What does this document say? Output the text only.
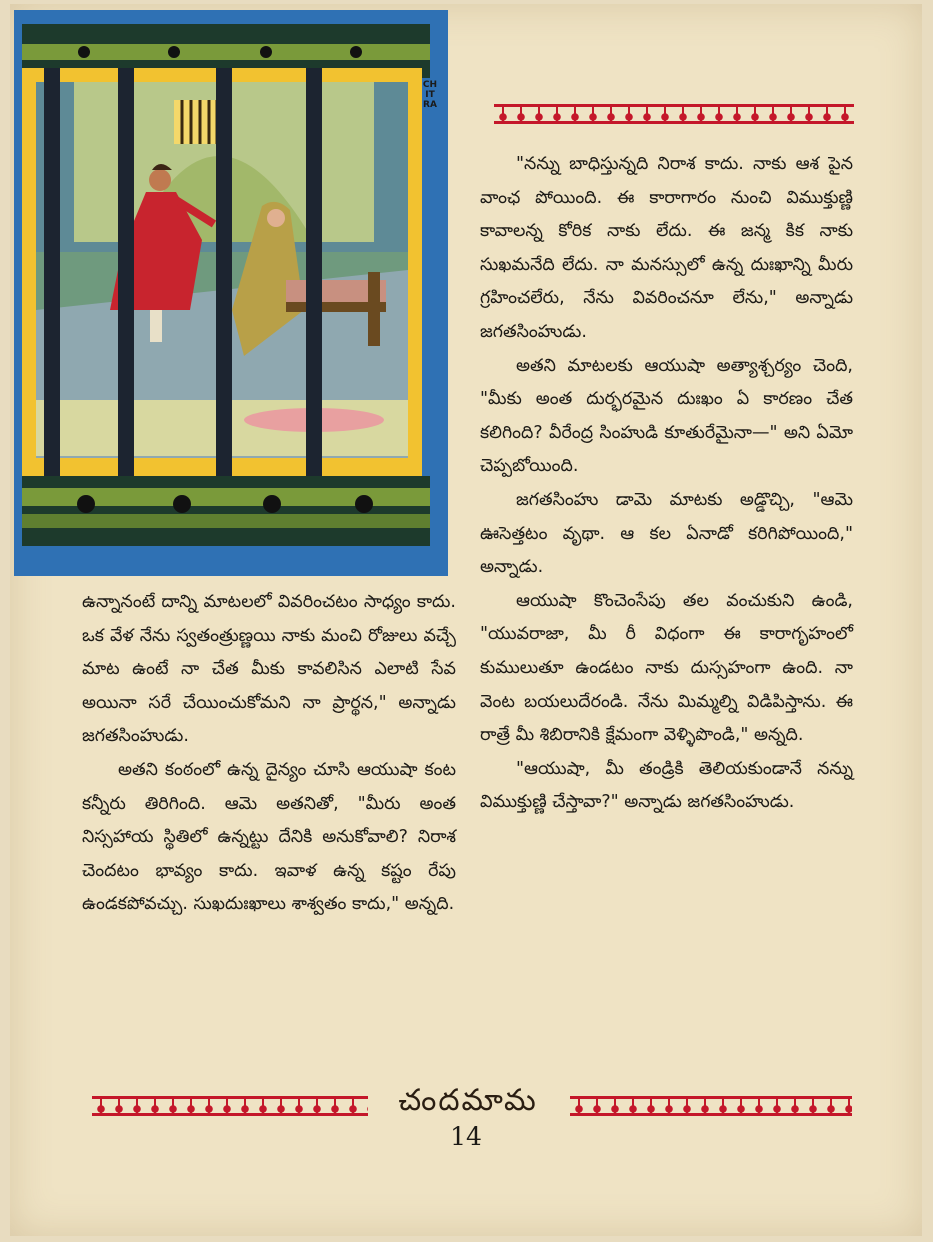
CHITRA

"నన్ను బాధిస్తున్నది నిరాశ కాదు. నాకు ఆశ పైన వాంఛ పోయింది. ఈ కారాగారం నుంచి విముక్తుణ్ణి కావాలన్న కోరిక నాకు లేదు. ఈ జన్మ కిక నాకు సుఖమనేది లేదు. నా మనస్సులో ఉన్న దుఃఖాన్ని మీరు గ్రహించలేరు, నేను వివరించనూ లేను," అన్నాడు జగతసింహుడు.

అతని మాటలకు ఆయుషా అత్యాశ్చర్యం చెంది, "మీకు అంత దుర్భరమైన దుఃఖం ఏ కారణం చేత కలిగింది? వీరేంద్ర సింహుడి కూతురేమైనా—" అని ఏమో చెప్పబోయింది.

జగతసింహు డామె మాటకు అడ్డొచ్చి, "ఆమె ఊసెత్తటం వృథా. ఆ కల ఏనాడో కరిగిపోయింది," అన్నాడు.

ఆయుషా కొంచెంసేపు తల వంచుకుని ఉండి, "యువరాజా, మీ రీ విధంగా ఈ కారాగృహంలో కుములుతూ ఉండటం నాకు దుస్సహంగా ఉంది. నా వెంట బయలుదేరండి. నేను మిమ్మల్ని విడిపిస్తాను. ఈ రాత్రే మీ శిబిరానికి క్షేమంగా వెళ్ళిపొండి," అన్నది.

"ఆయుషా, మీ తండ్రికి తెలియకుండానే నన్ను విముక్తుణ్ణి చేస్తావా?" అన్నాడు జగతసింహుడు.

ఉన్నానంటే దాన్ని మాటలలో వివరించటం సాధ్యం కాదు. ఒక వేళ నేను స్వతంత్రుణ్ణయి నాకు మంచి రోజులు వచ్చే మాట ఉంటే నా చేత మీకు కావలిసిన ఎలాటి సేవ అయినా సరే చేయించుకోమని నా ప్రార్థన," అన్నాడు జగతసింహుడు.

అతని కంఠంలో ఉన్న దైన్యం చూసి ఆయుషా కంట కన్నీరు తిరిగింది. ఆమె అతనితో, "మీరు అంత నిస్సహాయ స్థితిలో ఉన్నట్టు దేనికి అనుకోవాలి? నిరాశ చెందటం భావ్యం కాదు. ఇవాళ ఉన్న కష్టం రేపు ఉండకపోవచ్చు. సుఖదుఃఖాలు శాశ్వతం కాదు," అన్నది.

చందమామ
14
